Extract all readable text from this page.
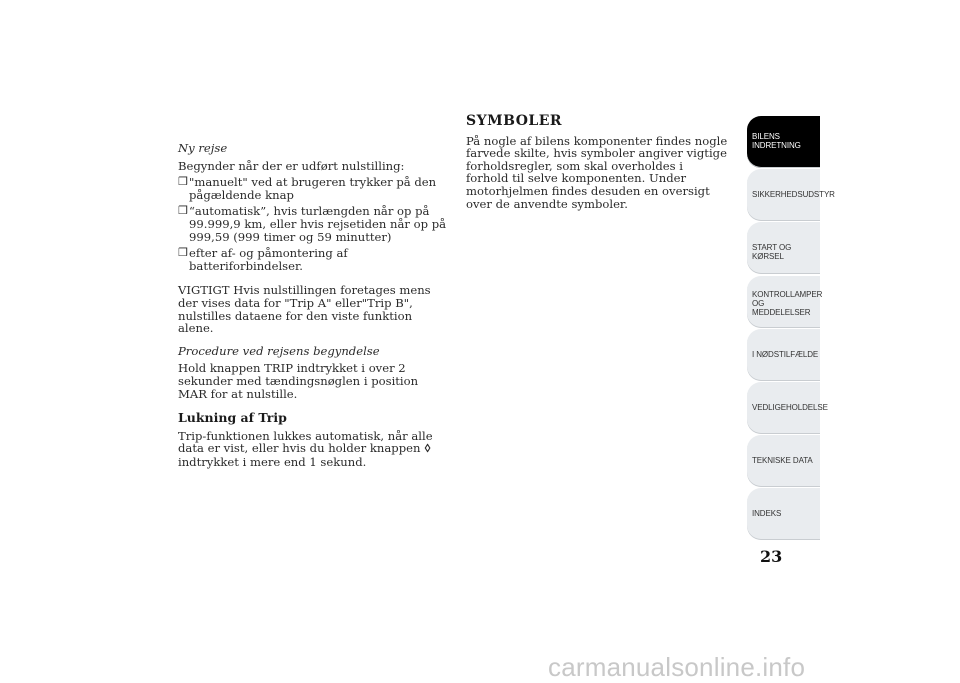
Ny rejse
Begynder når der er udført nulstilling:
❒ "manuelt" ved at brugeren trykker på den pågældende knap
❒ “automatisk”, hvis turlængden når op på 99.999,9 km, eller hvis rejsetiden når op på 999,59 (999 timer og 59 minutter)
❒ efter af- og påmontering af batteriforbindelser.
VIGTIGT Hvis nulstillingen foretages mens der vises data for "Trip A" eller"Trip B", nulstilles dataene for den viste funktion alene.
Procedure ved rejsens begyndelse
Hold knappen TRIP indtrykket i over 2 sekunder med tændingsnøglen i position MAR for at nulstille.
Lukning af Trip
Trip-funktionen lukkes automatisk, når alle data er vist, eller hvis du holder knappen ꕺ indtrykket i mere end 1 sekund.
SYMBOLER
På nogle af bilens komponenter findes nogle farvede skilte, hvis symboler angiver vigtige forholdsregler, som skal overholdes i forhold til selve komponenten. Under motorhjelmen findes desuden en oversigt over de anvendte symboler.
BILENS
INDRETNING
SIKKERHEDSUDSTYR
START OG KØRSEL
KONTROLLAMPER
OG MEDDELELSER
I NØDSTILFÆLDE
VEDLIGEHOLDELSE
TEKNISKE DATA
INDEKS
23
carmanualsonline.info
